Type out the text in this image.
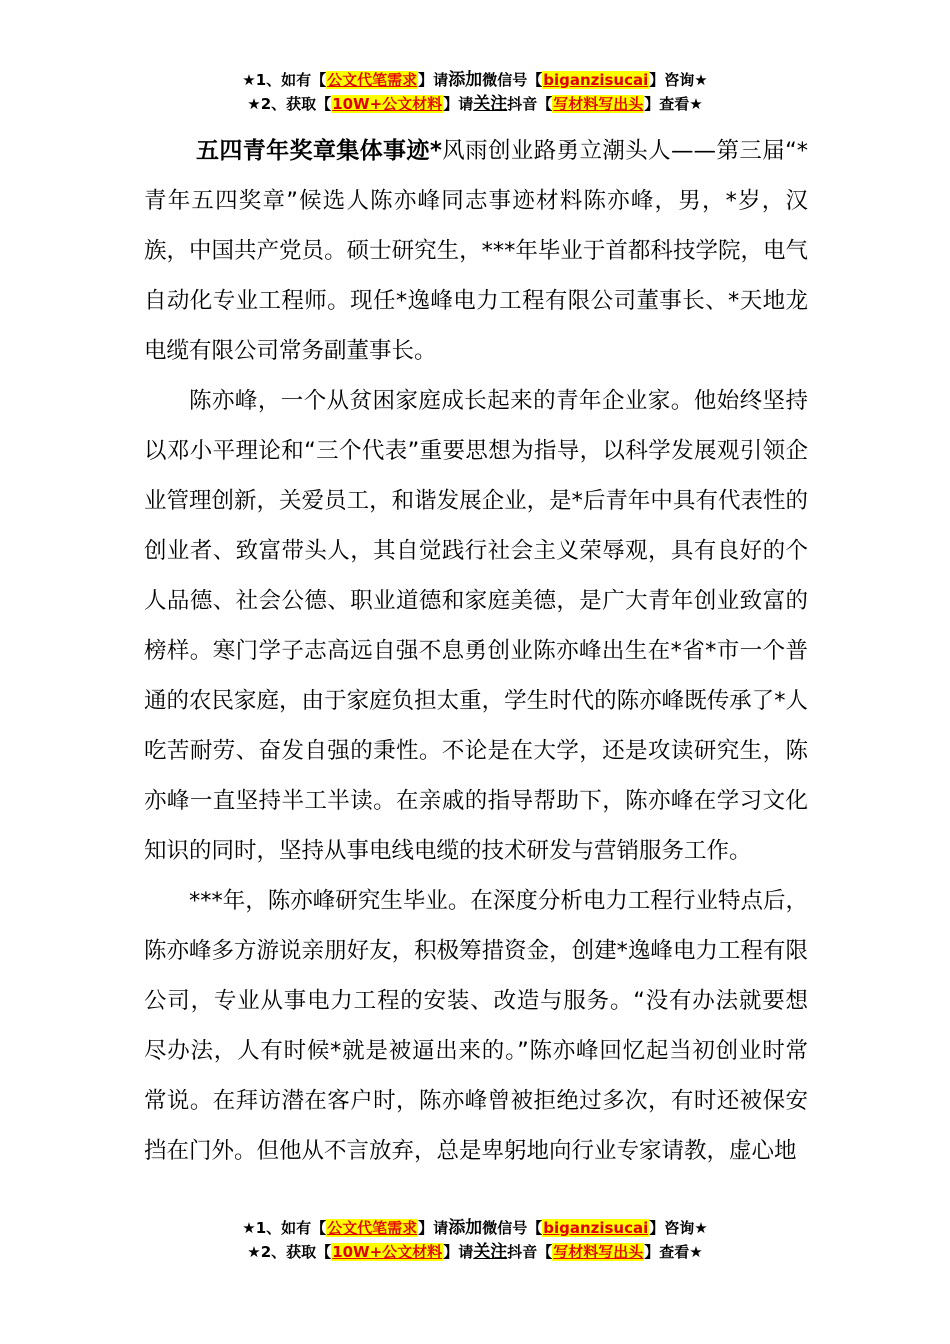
★1、如有【公文代笔需求】请添加微信号【biganzisucai】咨询★
★2、获取【10W+公文材料】请关注抖音【写材料写出头】查看★

五四青年奖章集体事迹*风雨创业路勇立潮头人——第三届“*青年五四奖章”候选人陈亦峰同志事迹材料陈亦峰，男，*岁，汉族，中国共产党员。硕士研究生，***年毕业于首都科技学院，电气自动化专业工程师。现任*逸峰电力工程有限公司董事长、*天地龙电缆有限公司常务副董事长。

陈亦峰，一个从贫困家庭成长起来的青年企业家。他始终坚持以邓小平理论和“三个代表”重要思想为指导，以科学发展观引领企业管理创新，关爱员工，和谐发展企业，是*后青年中具有代表性的创业者、致富带头人，其自觉践行社会主义荣辱观，具有良好的个人品德、社会公德、职业道德和家庭美德，是广大青年创业致富的榜样。寒门学子志高远自强不息勇创业陈亦峰出生在*省*市一个普通的农民家庭，由于家庭负担太重，学生时代的陈亦峰既传承了*人吃苦耐劳、奋发自强的秉性。不论是在大学，还是攻读研究生，陈亦峰一直坚持半工半读。在亲戚的指导帮助下，陈亦峰在学习文化知识的同时，坚持从事电线电缆的技术研发与营销服务工作。

***年，陈亦峰研究生毕业。在深度分析电力工程行业特点后，陈亦峰多方游说亲朋好友，积极筹措资金，创建*逸峰电力工程有限公司，专业从事电力工程的安装、改造与服务。“没有办法就要想尽办法，人有时候*就是被逼出来的。”陈亦峰回忆起当初创业时常常说。在拜访潜在客户时，陈亦峰曾被拒绝过多次，有时还被保安挡在门外。但他从不言放弃，总是卑躬地向行业专家请教，虚心地

★1、如有【公文代笔需求】请添加微信号【biganzisucai】咨询★
★2、获取【10W+公文材料】请关注抖音【写材料写出头】查看★
